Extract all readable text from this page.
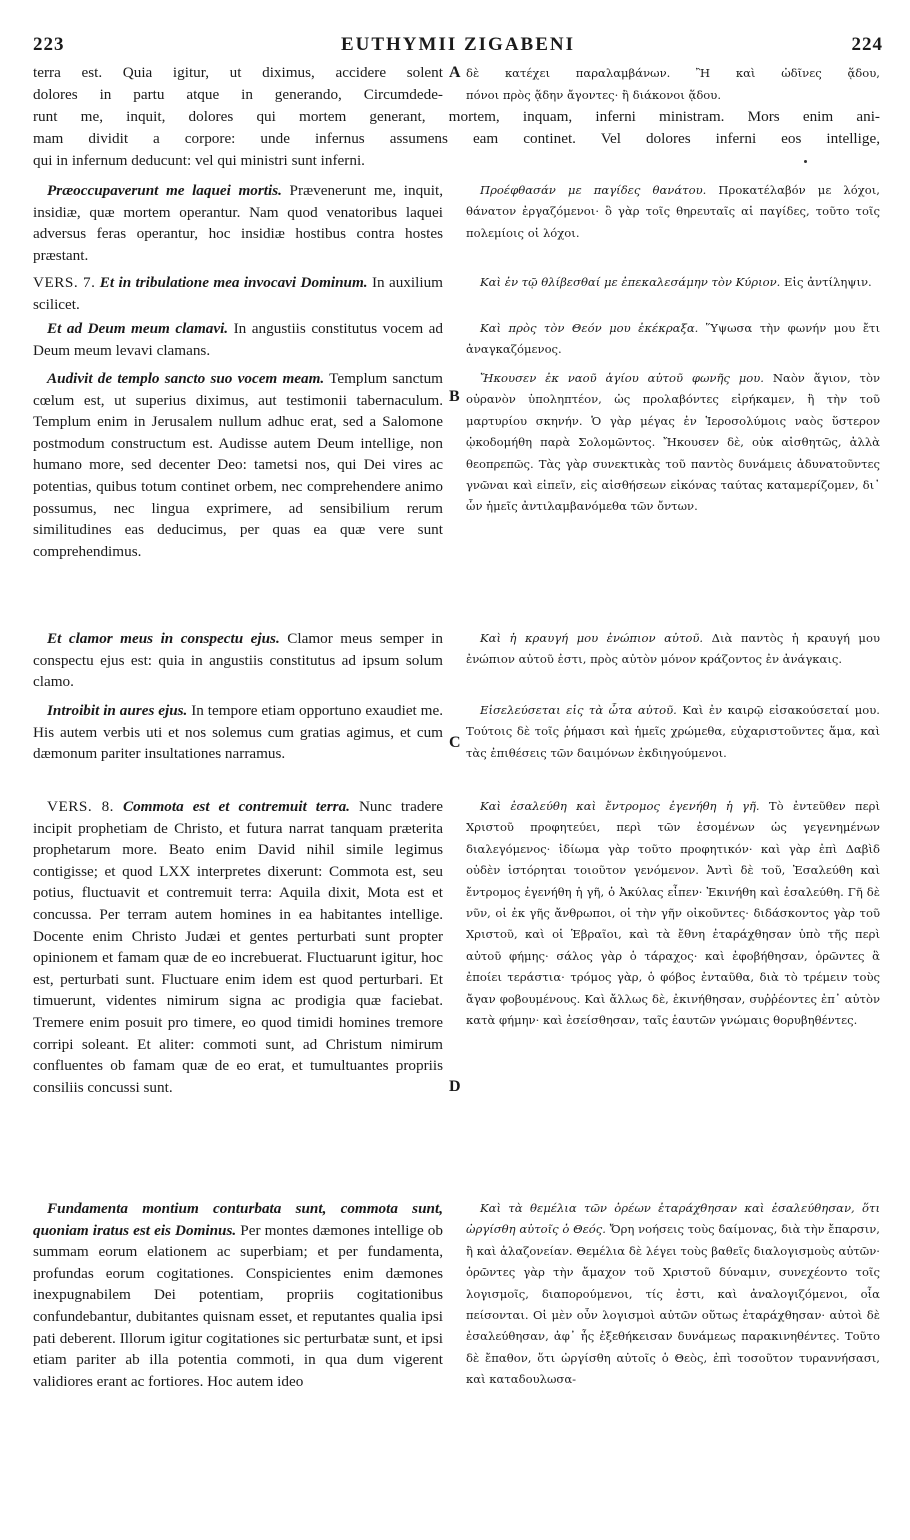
223	EUTHYMII ZIGABENI	224
terra est. Quia igitur, ut diximus, accidere solent
dolores in partu atque in generando, Circumdede-
δὲ κατέχει παραλαμβάνων. Ἢ καὶ ὠδῖνες ᾅδου,
πόνοι πρὸς ᾅδην ἄγοντες· ἢ διάκονοι ᾅδου.
runt me, inquit, dolores qui mortem generant, mortem, inquam, inferni ministram. Mors enim ani-
mam dividit a corpore: unde infernus assumens eam continet. Vel dolores inferni eos intellige,
qui in infernum deducunt: vel qui ministri sunt inferni.
A
B
C
D

Præoccupaverunt me laquei mortis. Prævenerunt me, inquit, insidiæ, quæ mortem operantur. Nam quod venatoribus laquei adversus feras operantur, hoc insidiæ hostibus contra hostes præstant.

VERS. 7. Et in tribulatione mea invocavi Dominum. In auxilium scilicet.

Et ad Deum meum clamavi. In angustiis constitutus vocem ad Deum meum levavi clamans.

Audivit de templo sancto suo vocem meam. Templum sanctum cœlum est, ut superius diximus, aut testimonii tabernaculum. Templum enim in Jerusalem nullum adhuc erat, sed a Salomone postmodum constructum est. Audisse autem Deum intellige, non humano more, sed decenter Deo: tametsi nos, qui Dei vires ac potentias, quibus totum continet orbem, nec comprehendere animo possumus, nec lingua exprimere, ad sensibilium rerum similitudines eas deducimus, per quas ea quæ vere sunt comprehendimus.

Et clamor meus in conspectu ejus. Clamor meus semper in conspectu ejus est: quia in angustiis constitutus ad ipsum solum clamo.

Introibit in aures ejus. In tempore etiam opportuno exaudiet me. His autem verbis uti et nos solemus cum gratias agimus, et cum dæmonum pariter insultationes narramus.

VERS. 8. Commota est et contremuit terra. Nunc tradere incipit prophetiam de Christo, et futura narrat tanquam præterita prophetarum more. Beato enim David nihil simile legimus contigisse; et quod LXX interpretes dixerunt: Commota est, seu potius, fluctuavit et contremuit terra: Aquila dixit, Mota est et concussa. Per terram autem homines in ea habitantes intellige. Docente enim Christo Judæi et gentes perturbati sunt propter opinionem et famam quæ de eo increbuerat. Fluctuarunt igitur, hoc est, perturbati sunt. Fluctuare enim idem est quod perturbari. Et timuerunt, videntes nimirum signa ac prodigia quæ faciebat. Tremere enim posuit pro timere, eo quod timidi homines tremore corripi soleant. Et aliter: commoti sunt, ad Christum nimirum confluentes ob famam quæ de eo erat, et tumultuantes propriis consiliis concussi sunt.

Fundamenta montium conturbata sunt, commota sunt, quoniam iratus est eis Dominus. Per montes dæmones intellige ob summam eorum elationem ac superbiam; et per fundamenta, profundas eorum cogitationes. Conspicientes enim dæmones inexpugnabilem Dei potentiam, propriis cogitationibus confundebantur, dubitantes quisnam esset, et reputantes qualia ipsi pati deberent. Illorum igitur cogitationes sic perturbatæ sunt, et ipsi etiam pariter ab illa potentia commoti, in qua dum vigerent validiores erant ac fortiores. Hoc autem ideo

Προέφθασάν με παγίδες θανάτου. Προκατέλαβόν με λόχοι, θάνατον ἐργαζόμενοι· ὃ γὰρ τοῖς θηρευταῖς αἱ παγίδες, τοῦτο τοῖς πολεμίοις οἱ λόχοι.

Καὶ ἐν τῷ θλίβεσθαί με ἐπεκαλεσάμην τὸν Κύριον. Εἰς ἀντίληψιν.

Καὶ πρὸς τὸν Θεόν μου ἐκέκραξα. Ὕψωσα τὴν φωνήν μου ἔτι ἀναγκαζόμενος.

Ἤκουσεν ἐκ ναοῦ ἁγίου αὐτοῦ φωνῆς μου. Ναὸν ἅγιον, τὸν οὐρανὸν ὑποληπτέον, ὡς προλαβόντες εἰρήκαμεν, ἢ τὴν τοῦ μαρτυρίου σκηνήν. Ὁ γὰρ μέγας ἐν Ἱεροσολύμοις ναὸς ὕστερον ᾠκοδομήθη παρὰ Σολομῶντος. Ἤκουσεν δὲ, οὐκ αἰσθητῶς, ἀλλὰ θεοπρεπῶς. Τὰς γὰρ συνεκτικὰς τοῦ παντὸς δυνάμεις ἀδυνατοῦντες γνῶναι καὶ εἰπεῖν, εἰς αἰσθήσεων εἰκόνας ταύτας καταμερίζομεν, δι᾿ ὧν ἡμεῖς ἀντιλαμβανόμεθα τῶν ὄντων.

Καὶ ἡ κραυγή μου ἐνώπιον αὐτοῦ. Διὰ παντὸς ἡ κραυγή μου ἐνώπιον αὐτοῦ ἐστι, πρὸς αὐτὸν μόνον κράζοντος ἐν ἀνάγκαις.

Εἰσελεύσεται εἰς τὰ ὦτα αὐτοῦ. Καὶ ἐν καιρῷ εἰσακούσεταί μου. Τούτοις δὲ τοῖς ῥήμασι καὶ ἡμεῖς χρώμεθα, εὐχαριστοῦντες ἅμα, καὶ τὰς ἐπιθέσεις τῶν δαιμόνων ἐκδιηγούμενοι.

Καὶ ἐσαλεύθη καὶ ἔντρομος ἐγενήθη ἡ γῆ. Τὸ ἐντεῦθεν περὶ Χριστοῦ προφητεύει, περὶ τῶν ἐσομένων ὡς γεγενημένων διαλεγόμενος· ἰδίωμα γὰρ τοῦτο προφητικόν· καὶ γὰρ ἐπὶ Δαβὶδ οὐδὲν ἱστόρηται τοιοῦτον γενόμενον. Ἀντὶ δὲ τοῦ, Ἐσαλεύθη καὶ ἔντρομος ἐγενήθη ἡ γῆ, ὁ Ἀκύλας εἶπεν· Ἐκινήθη καὶ ἐσαλεύθη. Γῆ δὲ νῦν, οἱ ἐκ γῆς ἄνθρωποι, οἱ τὴν γῆν οἰκοῦντες· διδάσκοντος γὰρ τοῦ Χριστοῦ, καὶ οἱ Ἑβραῖοι, καὶ τὰ ἔθνη ἐταράχθησαν ὑπὸ τῆς περὶ αὐτοῦ φήμης· σάλος γὰρ ὁ τάραχος· καὶ ἐφοβήθησαν, ὁρῶντες ἃ ἐποίει τεράστια· τρόμος γὰρ, ὁ φόβος ἐνταῦθα, διὰ τὸ τρέμειν τοὺς ἄγαν φοβουμένους. Καὶ ἄλλως δὲ, ἐκινήθησαν, συῤῥέοντες ἐπ᾿ αὐτὸν κατὰ φήμην· καὶ ἐσείσθησαν, ταῖς ἑαυτῶν γνώμαις θορυβηθέντες.

Καὶ τὰ θεμέλια τῶν ὀρέων ἐταράχθησαν καὶ ἐσαλεύθησαν, ὅτι ὠργίσθη αὐτοῖς ὁ Θεός. Ὄρη νοήσεις τοὺς δαίμονας, διὰ τὴν ἔπαρσιν, ἢ καὶ ἀλαζονείαν. Θεμέλια δὲ λέγει τοὺς βαθεῖς διαλογισμοὺς αὐτῶν· ὁρῶντες γὰρ τὴν ἄμαχον τοῦ Χριστοῦ δύναμιν, συνεχέοντο τοῖς λογισμοῖς, διαπορούμενοι, τίς ἐστι, καὶ ἀναλογιζόμενοι, οἷα πείσονται. Οἱ μὲν οὖν λογισμοὶ αὐτῶν οὕτως ἐταράχθησαν· αὐτοὶ δὲ ἐσαλεύθησαν, ἀφ᾿ ἧς ἐξεθήκεισαν δυνάμεως παρακινηθέντες. Τοῦτο δὲ ἔπαθον, ὅτι ὠργίσθη αὐτοῖς ὁ Θεὸς, ἐπὶ τοσοῦτον τυραννήσασι, καὶ καταδουλωσα-
